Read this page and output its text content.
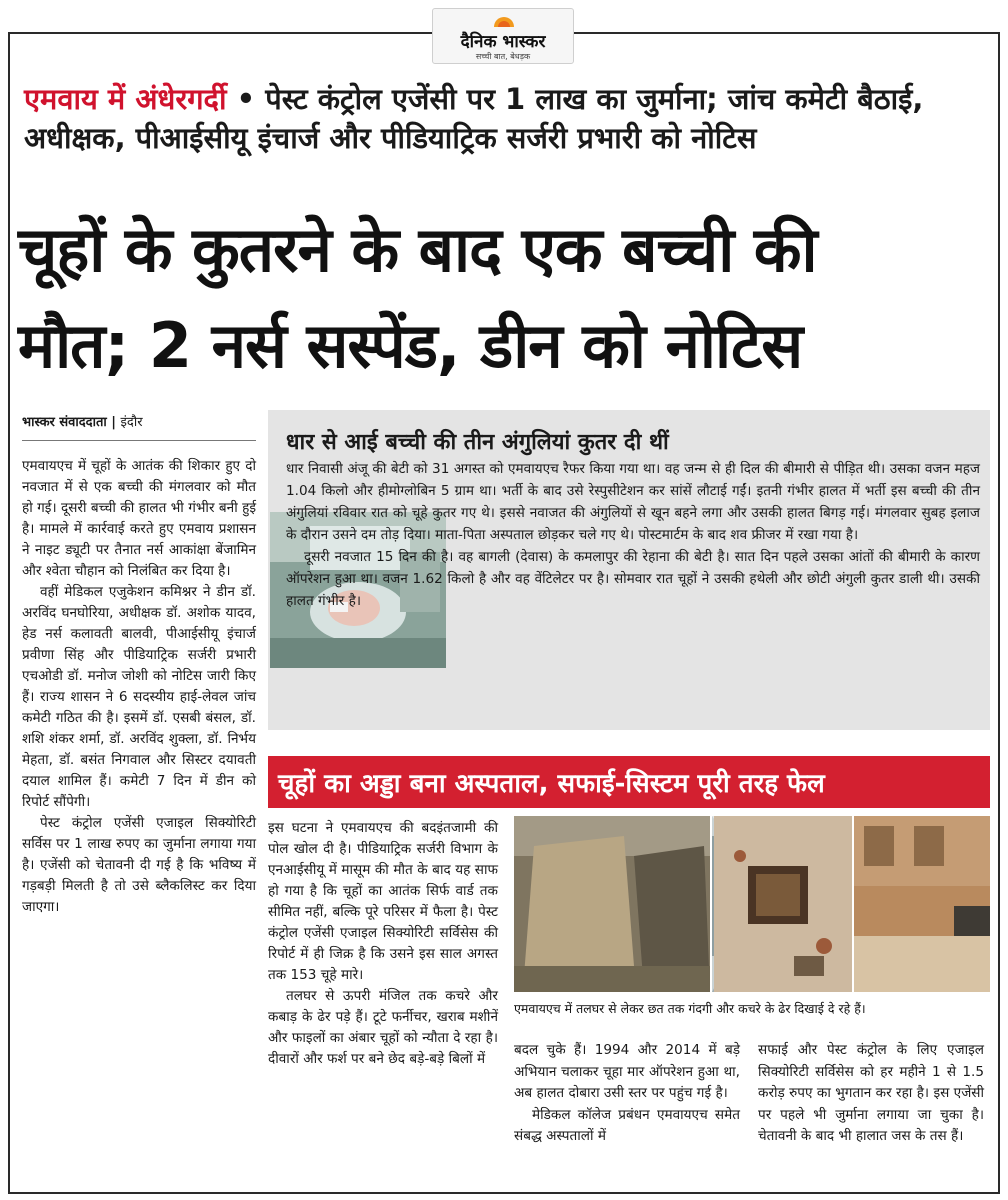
दैनिक भास्कर
सच्ची बात, बेधड़क
एमवाय में अंधेरगर्दी • पेस्ट कंट्रोल एजेंसी पर 1 लाख का जुर्माना; जांच कमेटी बैठाई, अधीक्षक, पीआईसीयू इंचार्ज और पीडियाट्रिक सर्जरी प्रभारी को नोटिस
चूहों के कुतरने के बाद एक बच्ची की
मौत; 2 नर्स सस्पेंड, डीन को नोटिस
भास्कर संवाददाता | इंदौर

एमवायएच में चूहों के आतंक की शिकार हुए दो नवजात में से एक बच्ची की मंगलवार को मौत हो गई। दूसरी बच्ची की हालत भी गंभीर बनी हुई है। मामले में कार्रवाई करते हुए एमवाय प्रशासन ने नाइट ड्यूटी पर तैनात नर्स आकांक्षा बेंजामिन और श्वेता चौहान को निलंबित कर दिया है।

वहीं मेडिकल एजुकेशन कमिश्नर ने डीन डॉ. अरविंद घनघोरिया, अधीक्षक डॉ. अशोक यादव, हेड नर्स कलावती बालवी, पीआईसीयू इंचार्ज प्रवीणा सिंह और पीडियाट्रिक सर्जरी प्रभारी एचओडी डॉ. मनोज जोशी को नोटिस जारी किए हैं। राज्य शासन ने 6 सदस्यीय हाई-लेवल जांच कमेटी गठित की है। इसमें डॉ. एसबी बंसल, डॉ. शशि शंकर शर्मा, डॉ. अरविंद शुक्ला, डॉ. निर्भय मेहता, डॉ. बसंत निगवाल और सिस्टर दयावती दयाल शामिल हैं। कमेटी 7 दिन में डीन को रिपोर्ट सौंपेगी।

पेस्ट कंट्रोल एजेंसी एजाइल सिक्योरिटी सर्विस पर 1 लाख रुपए का जुर्माना लगाया गया है। एजेंसी को चेतावनी दी गई है कि भविष्य में गड़बड़ी मिलती है तो उसे ब्लैकलिस्ट कर दिया जाएगा।

धार से आई बच्ची की तीन अंगुलियां कुतर दी थीं

धार निवासी अंजू की बेटी को 31 अगस्त को एमवायएच रैफर किया गया था। वह जन्म से ही दिल की बीमारी से पीड़ित थी। उसका वजन महज 1.04 किलो और हीमोग्लोबिन 5 ग्राम था। भर्ती के बाद उसे रेस्पुसीटेशन कर सांसें लौटाई गईं। इतनी गंभीर हालत में भर्ती इस बच्ची की तीन अंगुलियां रविवार रात को चूहे कुतर गए थे। इससे नवाजत की अंगुलियों से खून बहने लगा और उसकी हालत बिगड़ गई। मंगलवार सुबह इलाज के दौरान उसने दम तोड़ दिया। माता-पिता अस्पताल छोड़कर चले गए थे। पोस्टमार्टम के बाद शव फ्रीजर में रखा गया है।

दूसरी नवजात 15 दिन की है। वह बागली (देवास) के कमलापुर की रेहाना की बेटी है। सात दिन पहले उसका आंतों की बीमारी के कारण ऑपरेशन हुआ था। वजन 1.62 किलो है और वह वेंटिलेटर पर है। सोमवार रात चूहों ने उसकी हथेली और छोटी अंगुली कुतर डाली थी। उसकी हालत गंभीर है।

चूहों का अड्डा बना अस्पताल, सफाई-सिस्टम पूरी तरह फेल

इस घटना ने एमवायएच की बदइंतजामी की पोल खोल दी है। पीडियाट्रिक सर्जरी विभाग के एनआईसीयू में मासूम की मौत के बाद यह साफ हो गया है कि चूहों का आतंक सिर्फ वार्ड तक सीमित नहीं, बल्कि पूरे परिसर में फैला है। पेस्ट कंट्रोल एजेंसी एजाइल सिक्योरिटी सर्विसेस की रिपोर्ट में ही जिक्र है कि उसने इस साल अगस्त तक 153 चूहे मारे।

तलघर से ऊपरी मंजिल तक कचरे और कबाड़ के ढेर पड़े हैं। टूटे फर्नीचर, खराब मशीनें और फाइलों का अंबार चूहों को न्यौता दे रहा है। दीवारों और फर्श पर बने छेद बड़े-बड़े बिलों में

एमवायएच में तलघर से लेकर छत तक गंदगी और कचरे के ढेर दिखाई दे रहे हैं।

बदल चुके हैं। 1994 और 2014 में बड़े अभियान चलाकर चूहा मार ऑपरेशन हुआ था, अब हालत दोबारा उसी स्तर पर पहुंच गई है।

मेडिकल कॉलेज प्रबंधन एमवायएच समेत संबद्ध अस्पतालों में

सफाई और पेस्ट कंट्रोल के लिए एजाइल सिक्योरिटी सर्विसेस को हर महीने 1 से 1.5 करोड़ रुपए का भुगतान कर रहा है। इस एजेंसी पर पहले भी जुर्माना लगाया जा चुका है। चेतावनी के बाद भी हालात जस के तस हैं।
